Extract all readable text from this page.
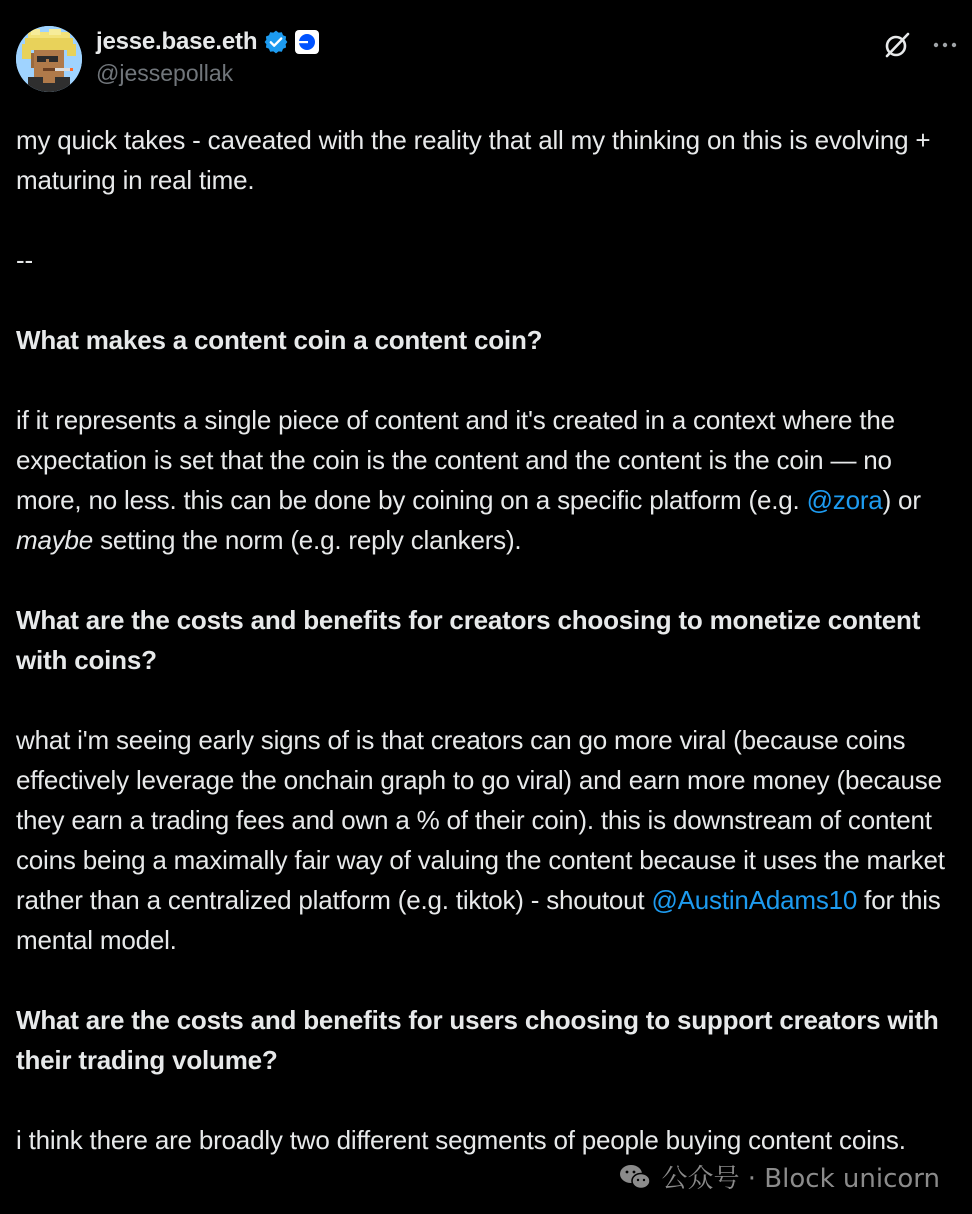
jesse.base.eth
@jessepollak

my quick takes - caveated with the reality that all my thinking on this is evolving + maturing in real time.

--

What makes a content coin a content coin?

if it represents a single piece of content and it's created in a context where the expectation is set that the coin is the content and the content is the coin — no more, no less. this can be done by coining on a specific platform (e.g. @zora) or maybe setting the norm (e.g. reply clankers).

What are the costs and benefits for creators choosing to monetize content with coins?

what i'm seeing early signs of is that creators can go more viral (because coins effectively leverage the onchain graph to go viral) and earn more money (because they earn a trading fees and own a % of their coin). this is downstream of content coins being a maximally fair way of valuing the content because it uses the market rather than a centralized platform (e.g. tiktok) - shoutout @AustinAdams10 for this mental model.

What are the costs and benefits for users choosing to support creators with their trading volume?

i think there are broadly two different segments of people buying content coins.

公众号 · Block unicorn
